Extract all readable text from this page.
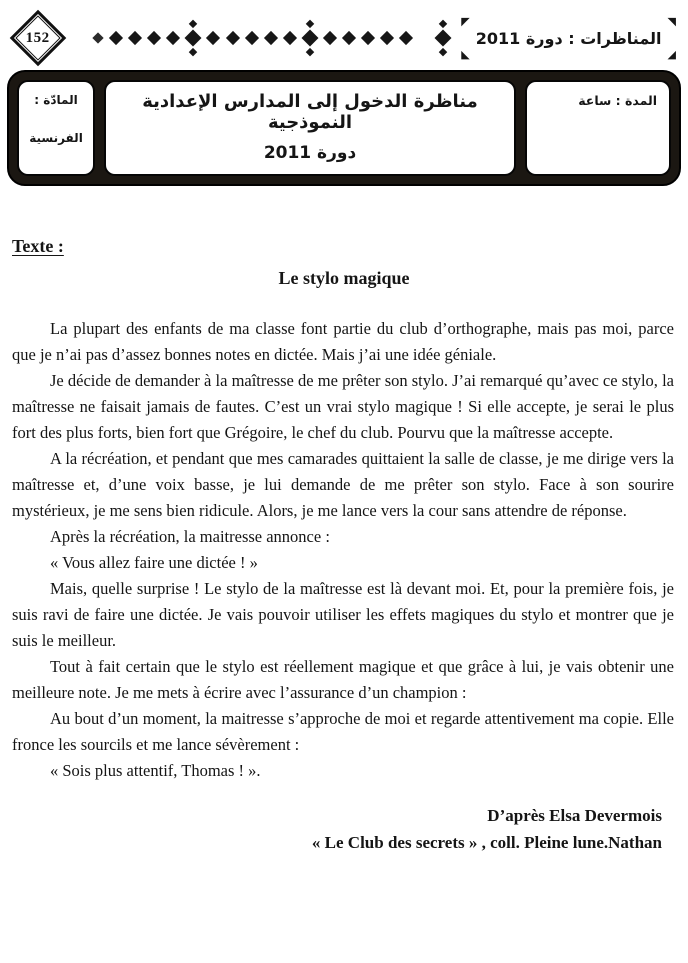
152
◤
◣
المناظرات : دورة 2011
◥
◢
المادّة :
الفرنسية
مناظرة الدخول إلى المدارس الإعدادية النموذجية
دورة 2011
المدة : ساعة
Texte :
Le stylo magique

La plupart des enfants de ma classe font partie du club d’orthographe, mais pas moi, parce que je n’ai pas d’assez bonnes notes en dictée. Mais j’ai une idée géniale.

Je décide de demander à la maîtresse de me prêter son stylo. J’ai remarqué qu’avec ce stylo, la maîtresse ne faisait jamais de fautes. C’est un vrai stylo magique ! Si elle accepte, je serai le plus fort des plus forts, bien fort que Grégoire, le chef du club. Pourvu que la maîtresse accepte.

A la récréation, et pendant que mes camarades quittaient la salle de classe, je me dirige vers la maîtresse et, d’une voix basse, je lui demande de me prêter son stylo. Face à son sourire mystérieux, je me sens bien ridicule. Alors, je me lance vers la cour sans attendre de réponse.

Après la récréation, la maitresse annonce :

« Vous allez faire une dictée ! »

Mais, quelle surprise ! Le stylo de la maîtresse est là devant moi. Et, pour la première fois, je suis ravi de faire une dictée. Je vais pouvoir utiliser les effets magiques du stylo et montrer que je suis le meilleur.

Tout à fait certain que le stylo est réellement magique et que grâce à lui, je vais obtenir une meilleure note. Je me mets à écrire avec l’assurance d’un champion :

Au bout d’un moment, la maitresse s’approche de moi et regarde attentivement ma copie. Elle fronce les sourcils et me lance sévèrement :

« Sois plus attentif, Thomas ! ».

D’après Elsa Devermois
« Le Club des secrets » , coll. Pleine lune.Nathan
